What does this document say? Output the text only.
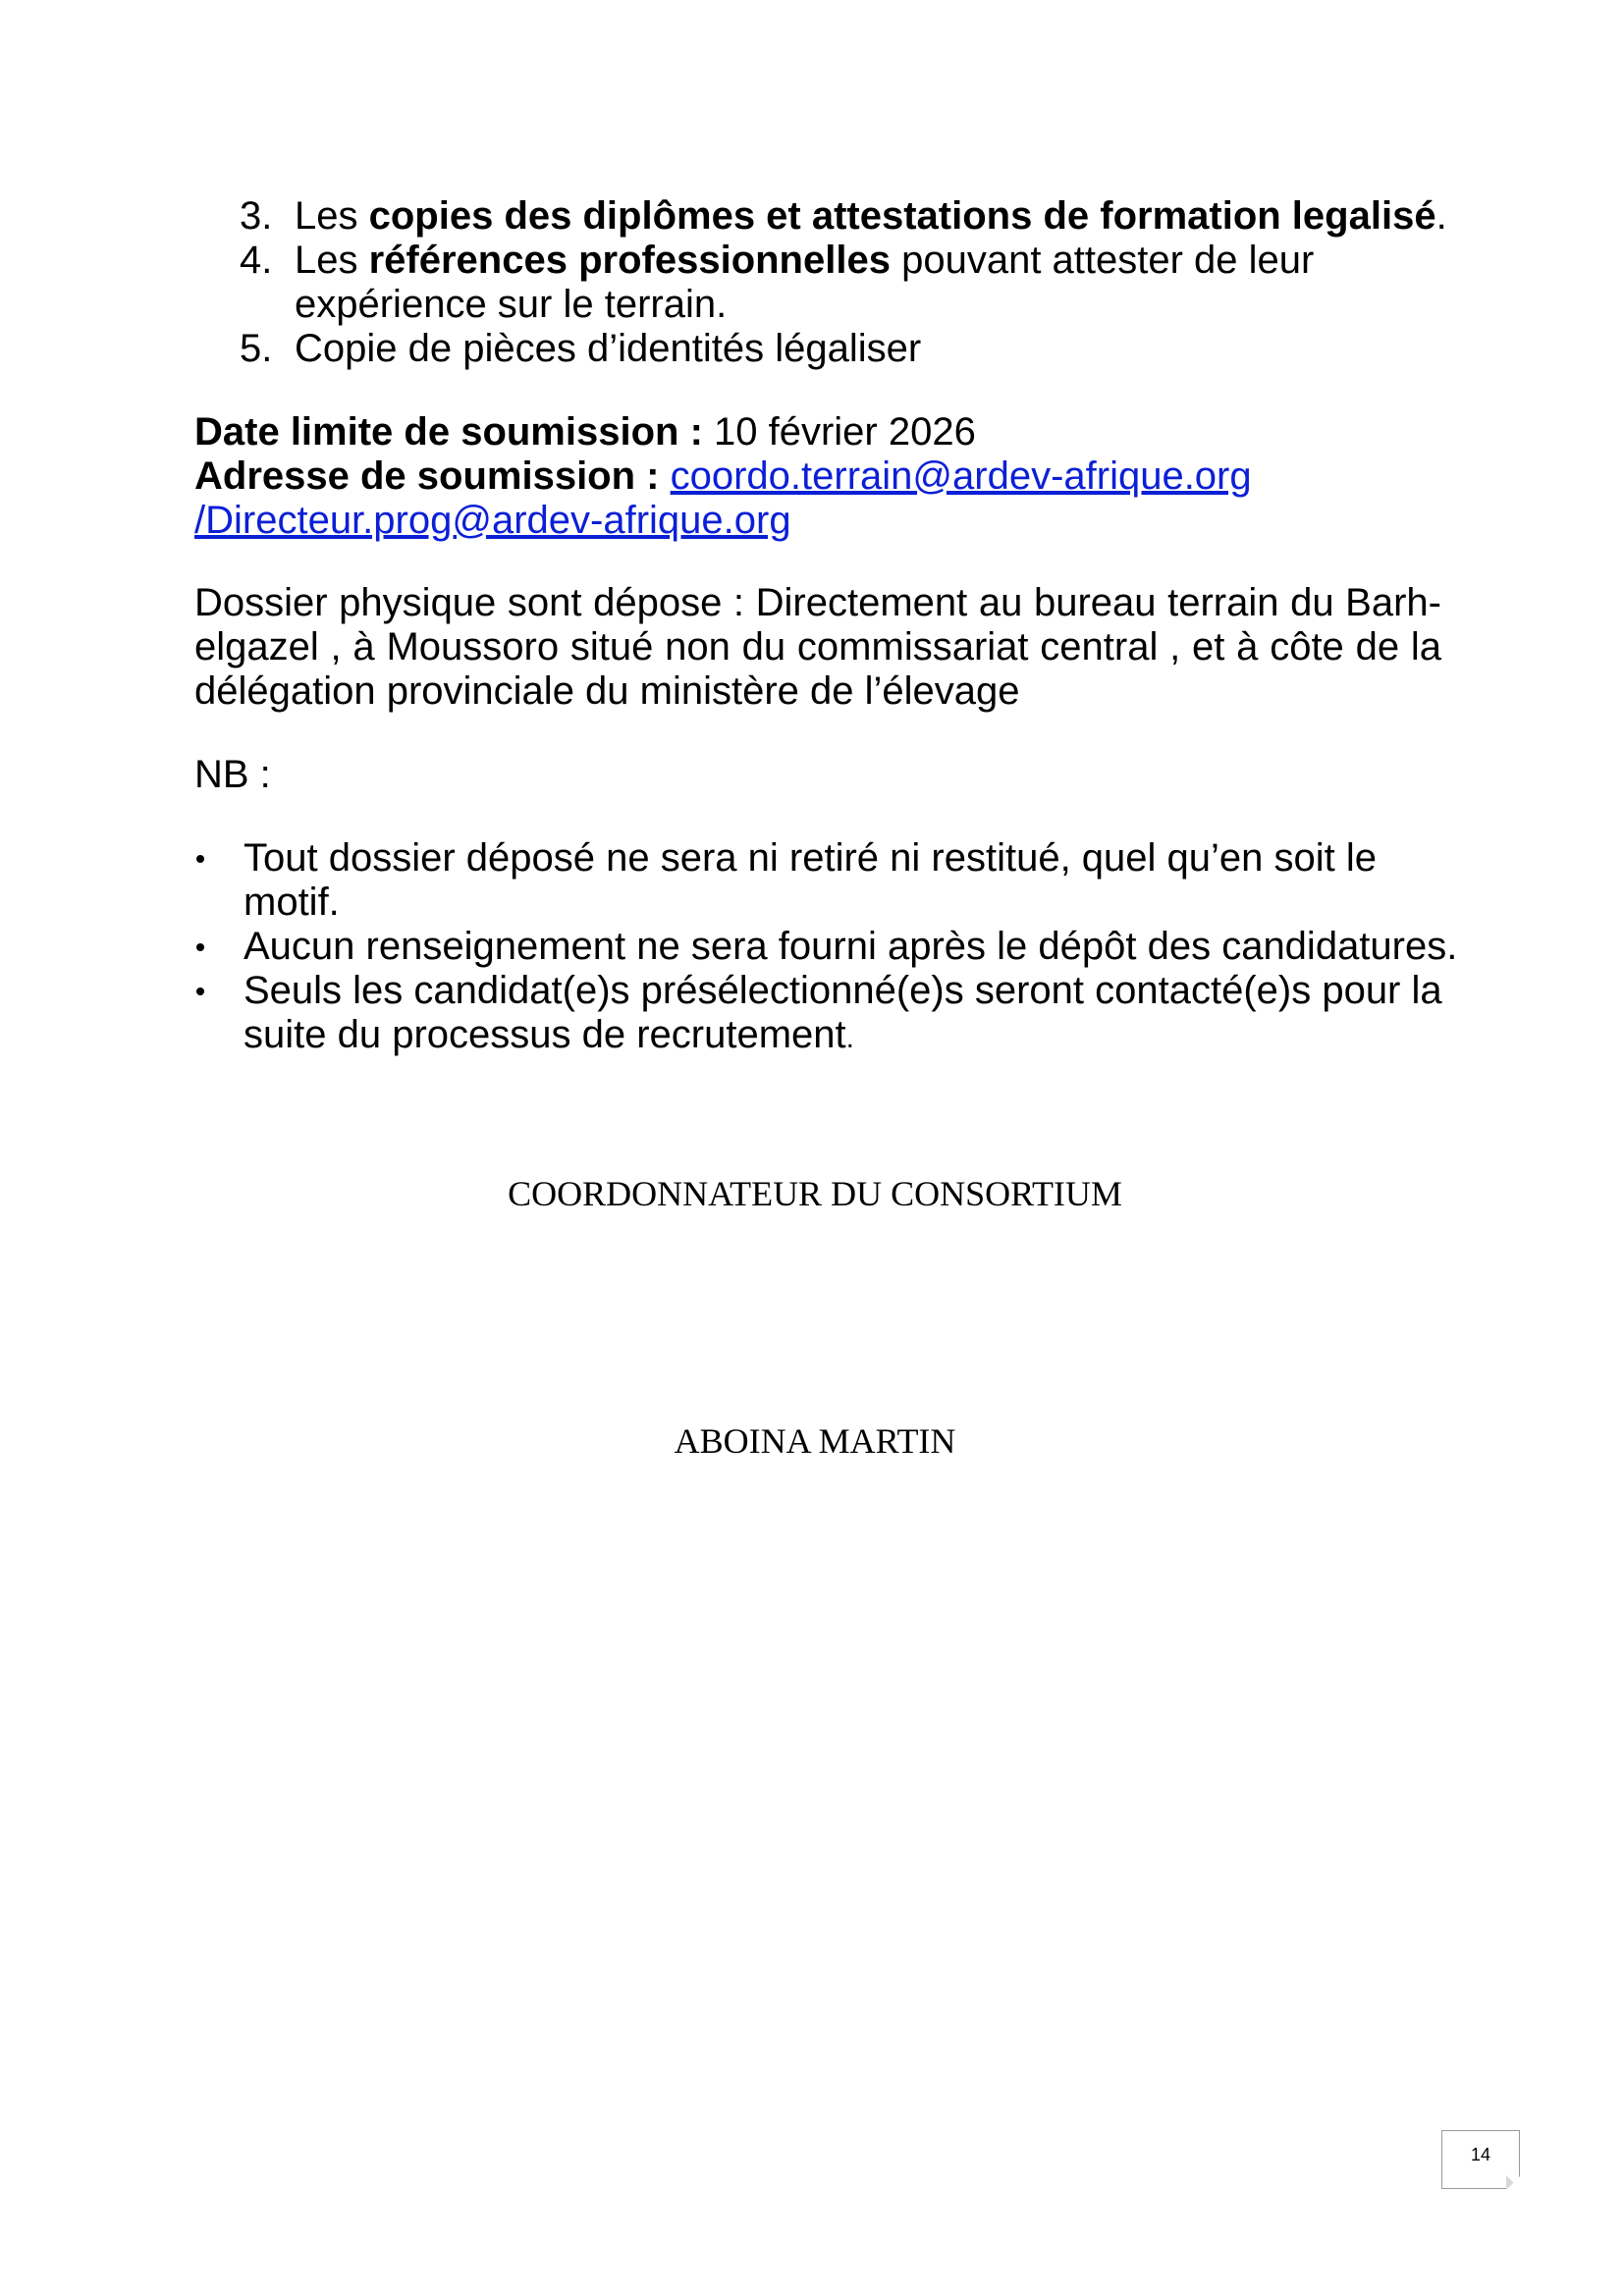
3. Les copies des diplômes et attestations de formation legalisé.
4. Les références professionnelles pouvant attester de leur expérience sur le terrain.
5. Copie de pièces d’identités légaliser
Date limite de soumission : 10 février 2026
Adresse de soumission : coordo.terrain@ardev-afrique.org
/Directeur.prog@ardev-afrique.org
Dossier physique sont dépose : Directement au bureau terrain du Barh-elgazel , à Moussoro situé non du commissariat central , et à côte de la délégation provinciale du ministère de l’élevage
NB :
Tout dossier déposé ne sera ni retiré ni restitué, quel qu’en soit le motif.
Aucun renseignement ne sera fourni après le dépôt des candidatures.
Seuls les candidat(e)s présélectionné(e)s seront contacté(e)s pour la suite du processus de recrutement.
COORDONNATEUR DU CONSORTIUM
ABOINA MARTIN
14
